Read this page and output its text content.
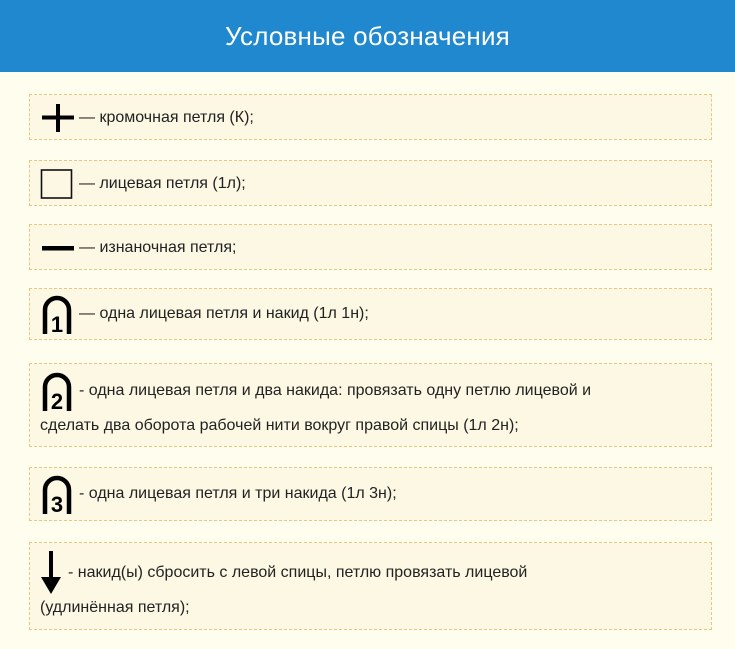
Условные обозначения
— кромочная петля (К);
— лицевая петля (1л);
— изнаночная петля;
1 — одна лицевая петля и накид (1л 1н);
2 - одна лицевая петля и два накида: провязать одну петлю лицевой и
сделать два оборота рабочей нити вокруг правой спицы (1л 2н);
3 - одна лицевая петля и три накида (1л 3н);
- накид(ы) сбросить с левой спицы, петлю провязать лицевой
(удлинённая петля);
